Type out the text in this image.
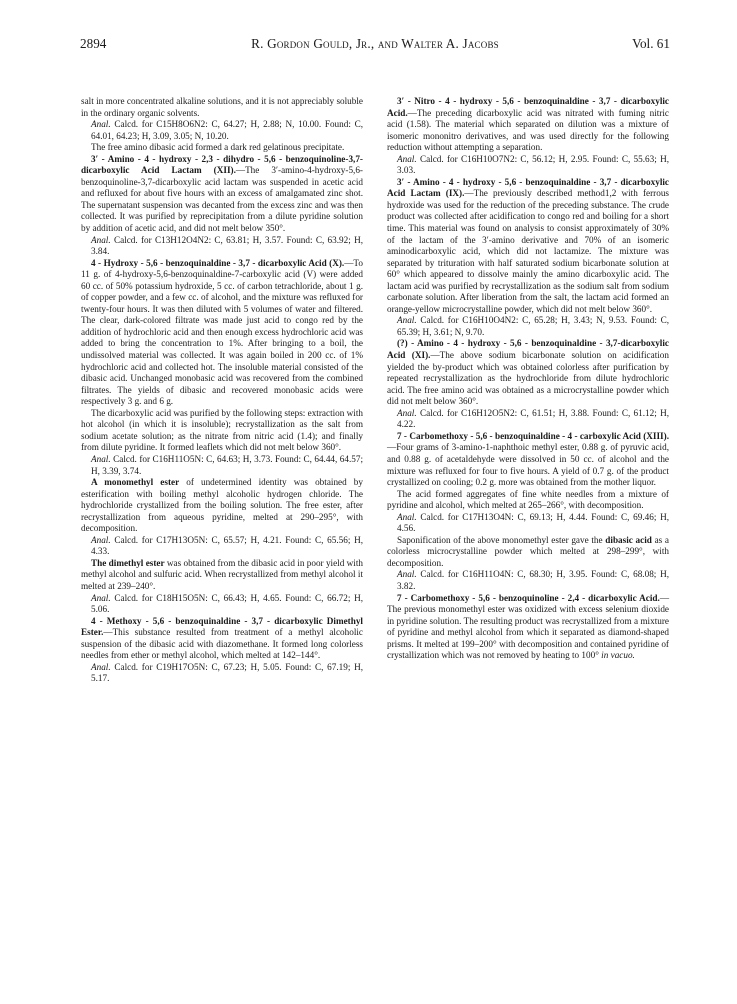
2894	R. Gordon Gould, Jr., and Walter A. Jacobs	Vol. 61

salt in more concentrated alkaline solutions, and it is not appreciably soluble in the ordinary organic solvents.

Anal. Calcd. for C15H8O6N2: C, 64.27; H, 2.88; N, 10.00. Found: C, 64.01, 64.23; H, 3.09, 3.05; N, 10.20.

The free amino dibasic acid formed a dark red gelatinous precipitate.

3′ - Amino - 4 - hydroxy - 2,3 - dihydro - 5,6 - benzoquinoline-3,7-dicarboxylic Acid Lactam (XII).—The 3′-amino-4-hydroxy-5,6-benzoquinoline-3,7-dicarboxylic acid lactam was suspended in acetic acid and refluxed for about five hours with an excess of amalgamated zinc shot. The supernatant suspension was decanted from the excess zinc and was then collected. It was purified by reprecipitation from a dilute pyridine solution by addition of acetic acid, and did not melt below 350°.

Anal. Calcd. for C13H12O4N2: C, 63.81; H, 3.57. Found: C, 63.92; H, 3.84.

4 - Hydroxy - 5,6 - benzoquinaldine - 3,7 - dicarboxylic Acid (X).—To 11 g. of 4-hydroxy-5,6-benzoquinaldine-7-carboxylic acid (V) were added 60 cc. of 50% potassium hydroxide, 5 cc. of carbon tetrachloride, about 1 g. of copper powder, and a few cc. of alcohol, and the mixture was refluxed for twenty-four hours. It was then diluted with 5 volumes of water and filtered. The clear, dark-colored filtrate was made just acid to congo red by the addition of hydrochloric acid and then enough excess hydrochloric acid was added to bring the concentration to 1%. After bringing to a boil, the undissolved material was collected. It was again boiled in 200 cc. of 1% hydrochloric acid and collected hot. The insoluble material consisted of the dibasic acid. Unchanged monobasic acid was recovered from the combined filtrates. The yields of dibasic and recovered monobasic acids were respectively 3 g. and 6 g.

The dicarboxylic acid was purified by the following steps: extraction with hot alcohol (in which it is insoluble); recrystallization as the salt from sodium acetate solution; as the nitrate from nitric acid (1.4); and finally from dilute pyridine. It formed leaflets which did not melt below 360°.

Anal. Calcd. for C16H11O5N: C, 64.63; H, 3.73. Found: C, 64.44, 64.57; H, 3.39, 3.74.

A monomethyl ester of undetermined identity was obtained by esterification with boiling methyl alcoholic hydrogen chloride. The hydrochloride crystallized from the boiling solution. The free ester, after recrystallization from aqueous pyridine, melted at 290–295°, with decomposition.

Anal. Calcd. for C17H13O5N: C, 65.57; H, 4.21. Found: C, 65.56; H, 4.33.

The dimethyl ester was obtained from the dibasic acid in poor yield with methyl alcohol and sulfuric acid. When recrystallized from methyl alcohol it melted at 239–240°.

Anal. Calcd. for C18H15O5N: C, 66.43; H, 4.65. Found: C, 66.72; H, 5.06.

4 - Methoxy - 5,6 - benzoquinaldine - 3,7 - dicarboxylic Dimethyl Ester.—This substance resulted from treatment of a methyl alcoholic suspension of the dibasic acid with diazomethane. It formed long colorless needles from ether or methyl alcohol, which melted at 142–144°.

Anal. Calcd. for C19H17O5N: C, 67.23; H, 5.05. Found: C, 67.19; H, 5.17.

3′ - Nitro - 4 - hydroxy - 5,6 - benzoquinaldine - 3,7 - dicarboxylic Acid.—The preceding dicarboxylic acid was nitrated with fuming nitric acid (1.58). The material which separated on dilution was a mixture of isomeric mononitro derivatives, and was used directly for the following reduction without attempting a separation.

Anal. Calcd. for C16H10O7N2: C, 56.12; H, 2.95. Found: C, 55.63; H, 3.03.

3′ - Amino - 4 - hydroxy - 5,6 - benzoquinaldine - 3,7 - dicarboxylic Acid Lactam (IX).—The previously described method1,2 with ferrous hydroxide was used for the reduction of the preceding substance. The crude product was collected after acidification to congo red and boiling for a short time. This material was found on analysis to consist approximately of 30% of the lactam of the 3′-amino derivative and 70% of an isomeric aminodicarboxylic acid, which did not lactamize. The mixture was separated by trituration with half saturated sodium bicarbonate solution at 60° which appeared to dissolve mainly the amino dicarboxylic acid. The lactam acid was purified by recrystallization as the sodium salt from sodium carbonate solution. After liberation from the salt, the lactam acid formed an orange-yellow microcrystalline powder, which did not melt below 360°.

Anal. Calcd. for C16H10O4N2: C, 65.28; H, 3.43; N, 9.53. Found: C, 65.39; H, 3.61; N, 9.70.

(?) - Amino - 4 - hydroxy - 5,6 - benzoquinaldine - 3,7-dicarboxylic Acid (XI).—The above sodium bicarbonate solution on acidification yielded the by-product which was obtained colorless after purification by repeated recrystallization as the hydrochloride from dilute hydrochloric acid. The free amino acid was obtained as a microcrystalline powder which did not melt below 360°.

Anal. Calcd. for C16H12O5N2: C, 61.51; H, 3.88. Found: C, 61.12; H, 4.22.

7 - Carbomethoxy - 5,6 - benzoquinaldine - 4 - carboxylic Acid (XIII).—Four grams of 3-amino-1-naphthoic methyl ester, 0.88 g. of pyruvic acid, and 0.88 g. of acetaldehyde were dissolved in 50 cc. of alcohol and the mixture was refluxed for four to five hours. A yield of 0.7 g. of the product crystallized on cooling; 0.2 g. more was obtained from the mother liquor.

The acid formed aggregates of fine white needles from a mixture of pyridine and alcohol, which melted at 265–266°, with decomposition.

Anal. Calcd. for C17H13O4N: C, 69.13; H, 4.44. Found: C, 69.46; H, 4.56.

Saponification of the above monomethyl ester gave the dibasic acid as a colorless microcrystalline powder which melted at 298–299°, with decomposition.

Anal. Calcd. for C16H11O4N: C, 68.30; H, 3.95. Found: C, 68.08; H, 3.82.

7 - Carbomethoxy - 5,6 - benzoquinoline - 2,4 - dicarboxylic Acid.—The previous monomethyl ester was oxidized with excess selenium dioxide in pyridine solution. The resulting product was recrystallized from a mixture of pyridine and methyl alcohol from which it separated as diamond-shaped prisms. It melted at 199–200° with decomposition and contained pyridine of crystallization which was not removed by heating to 100° in vacuo.
